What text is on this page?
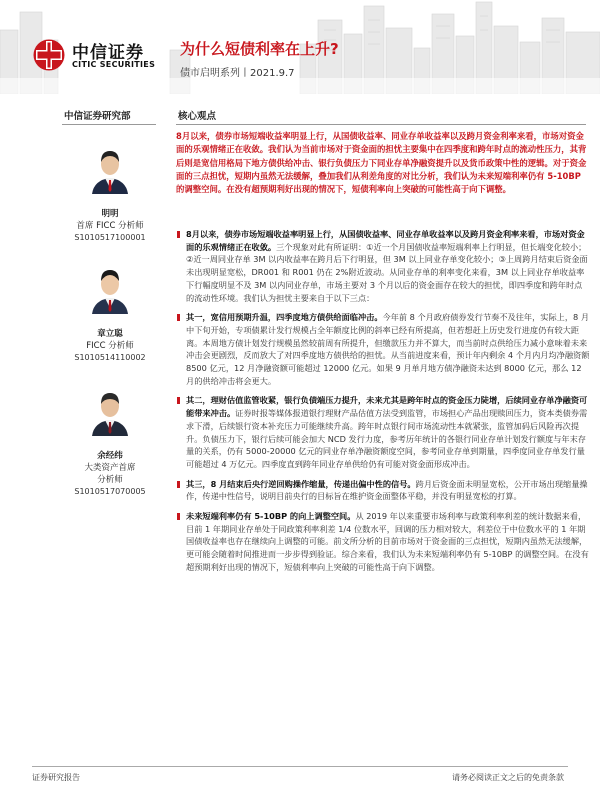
中信证券
CITIC SECURITIES
为什么短债利率在上升?
债市启明系列丨2021.9.7
中信证券研究部
明明
首席 FICC 分析师
S1010517100001
章立聪
FICC 分析师
S1010514110002
余经纬
大类资产首席
分析师
S1010517070005
核心观点

8月以来，债券市场短端收益率明显上行，从国债收益率、同业存单收益率以及跨月资金利率来看，市场对资金面的乐观情绪正在收敛。我们认为当前市场对于资金面的担忧主要集中在四季度和跨年时点的流动性压力，其背后则是宽信用格局下地方债供给冲击、银行负债压力下同业存单净融资提升以及货币政策中性的逻辑。对于资金面的三点担忧，短期内虽然无法缓解，叠加我们从利差角度的对比分析，我们认为未来短端利率仍有 5-10BP 的调整空间。在没有超预期利好出现的情况下，短债利率向上突破的可能性高于向下调整。

8月以来，债券市场短端收益率明显上行，从国债收益率、同业存单收益率以及跨月资金利率来看，市场对资金面的乐观情绪正在收敛。三个现象对此有所证明：①近一个月国债收益率短端利率上行明显，但长端变化较小；②近一周同业存单 3M 以内收益率在跨月后下行明显，但 3M 以上同业存单变化较小；③上周跨月结束后资金面未出现明显宽松，DR001 和 R001 仍在 2%附近波动。从同业存单的利率变化来看，3M 以上同业存单收益率下行幅度明显不及 3M 以内同业存单，市场主要对 3 个月以后的资金面存在较大的担忧，即四季度和跨年时点的流动性环境。我们认为担忧主要来自于以下三点：

其一，宽信用预期升温，四季度地方债供给面临冲击。今年前 8 个月政府债券发行节奏不及往年，实际上，8 月中下旬开始，专项债累计发行规模占全年额度比例的斜率已经有所提高，但若想赶上历史发行进度仍有较大距离。本周地方债计划发行规模虽然较前周有所提升，但缴款压力并不算大，而当前时点供给压力减小意味着未来冲击会更剧烈，反而放大了对四季度地方债供给的担忧。从当前进度来看，预计年内剩余 4 个月内月均净融资额 8500 亿元，12 月净融资额可能超过 12000 亿元。如果 9 月单月地方债净融资未达到 8000 亿元，那么 12 月的供给冲击将会更大。

其二，理财估值监管收紧，银行负债端压力提升，未来尤其是跨年时点的资金压力陡增，后续同业存单净融资可能带来冲击。证券时报等媒体报道银行理财产品估值方法受到监管，市场担心产品出现赎回压力，资本类债券需求下滑，后续银行资本补充压力可能继续升高。跨年时点银行间市场流动性本就紧张，监管加码后风险再次提升。负债压力下，银行后续可能会加大 NCD 发行力度，参考历年统计的各银行同业存单计划发行额度与年末存量的关系，仍有 5000-20000 亿元的同业存单净融资额度空间，参考同业存单到期量，四季度同业存单发行量可能超过 4 万亿元。四季度直到跨年同业存单供给仍有可能对资金面形成冲击。

其三，8 月结束后央行逆回购操作缩量，传递出偏中性的信号。跨月后资金面未明显宽松，公开市场出现缩量操作，传递中性信号，说明目前央行的目标旨在维护资金面整体平稳，并没有明显宽松的打算。

未来短端利率仍有 5-10BP 的向上调整空间。从 2019 年以来重要市场利率与政策利率利差的统计数据来看，目前 1 年期同业存单处于同政策利率利差 1/4 位数水平，回调的压力相对较大，利差位于中位数水平的 1 年期国债收益率也存在继续向上调整的可能。前文所分析的目前市场对于资金面的三点担忧，短期内虽然无法缓解，更可能会随着时间推进而一步步得到验证。综合来看，我们认为未来短端利率仍有 5-10BP 的调整空间。在没有超预期利好出现的情况下，短债利率向上突破的可能性高于向下调整。

证券研究报告	请务必阅读正文之后的免责条款
